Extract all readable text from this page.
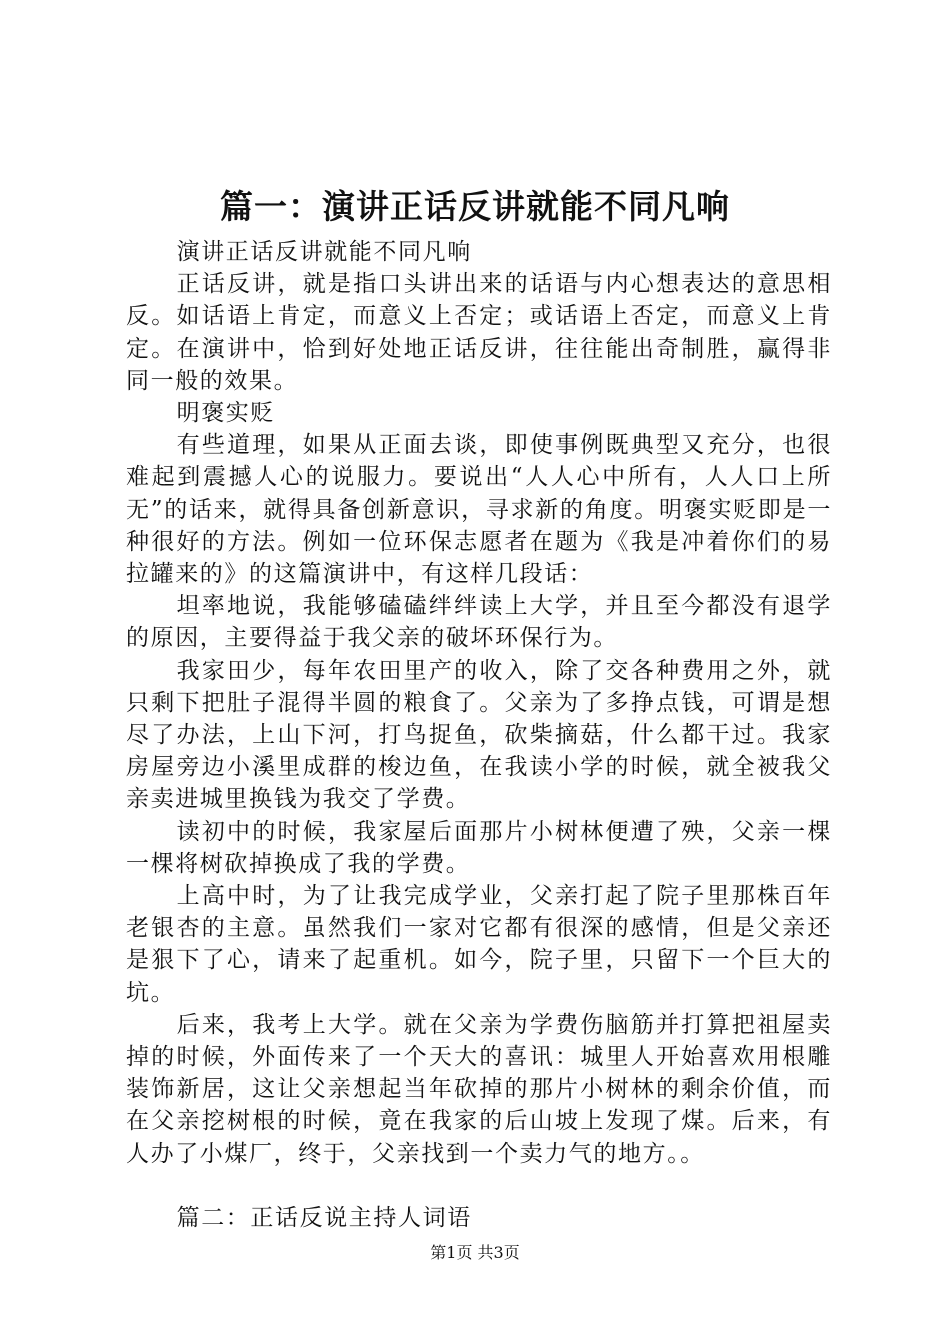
篇一：演讲正话反讲就能不同凡响

演讲正话反讲就能不同凡响

正话反讲，就是指口头讲出来的话语与内心想表达的意思相反。如话语上肯定，而意义上否定；或话语上否定，而意义上肯定。在演讲中，恰到好处地正话反讲，往往能出奇制胜，赢得非同一般的效果。

明褒实贬

有些道理，如果从正面去谈，即使事例既典型又充分，也很难起到震撼人心的说服力。要说出“人人心中所有，人人口上所无”的话来，就得具备创新意识，寻求新的角度。明褒实贬即是一种很好的方法。例如一位环保志愿者在题为《我是冲着你们的易拉罐来的》的这篇演讲中，有这样几段话：

坦率地说，我能够磕磕绊绊读上大学，并且至今都没有退学的原因，主要得益于我父亲的破坏环保行为。

我家田少，每年农田里产的收入，除了交各种费用之外，就只剩下把肚子混得半圆的粮食了。父亲为了多挣点钱，可谓是想尽了办法，上山下河，打鸟捉鱼，砍柴摘菇，什么都干过。我家房屋旁边小溪里成群的梭边鱼，在我读小学的时候，就全被我父亲卖进城里换钱为我交了学费。

读初中的时候，我家屋后面那片小树林便遭了殃，父亲一棵一棵将树砍掉换成了我的学费。

上高中时，为了让我完成学业，父亲打起了院子里那株百年老银杏的主意。虽然我们一家对它都有很深的感情，但是父亲还是狠下了心，请来了起重机。如今，院子里，只留下一个巨大的坑。

后来，我考上大学。就在父亲为学费伤脑筋并打算把祖屋卖掉的时候，外面传来了一个天大的喜讯：城里人开始喜欢用根雕装饰新居，这让父亲想起当年砍掉的那片小树林的剩余价值，而在父亲挖树根的时候，竟在我家的后山坡上发现了煤。后来，有人办了小煤厂，终于，父亲找到一个卖力气的地方。。

篇二：正话反说主持人词语

第1页 共3页
